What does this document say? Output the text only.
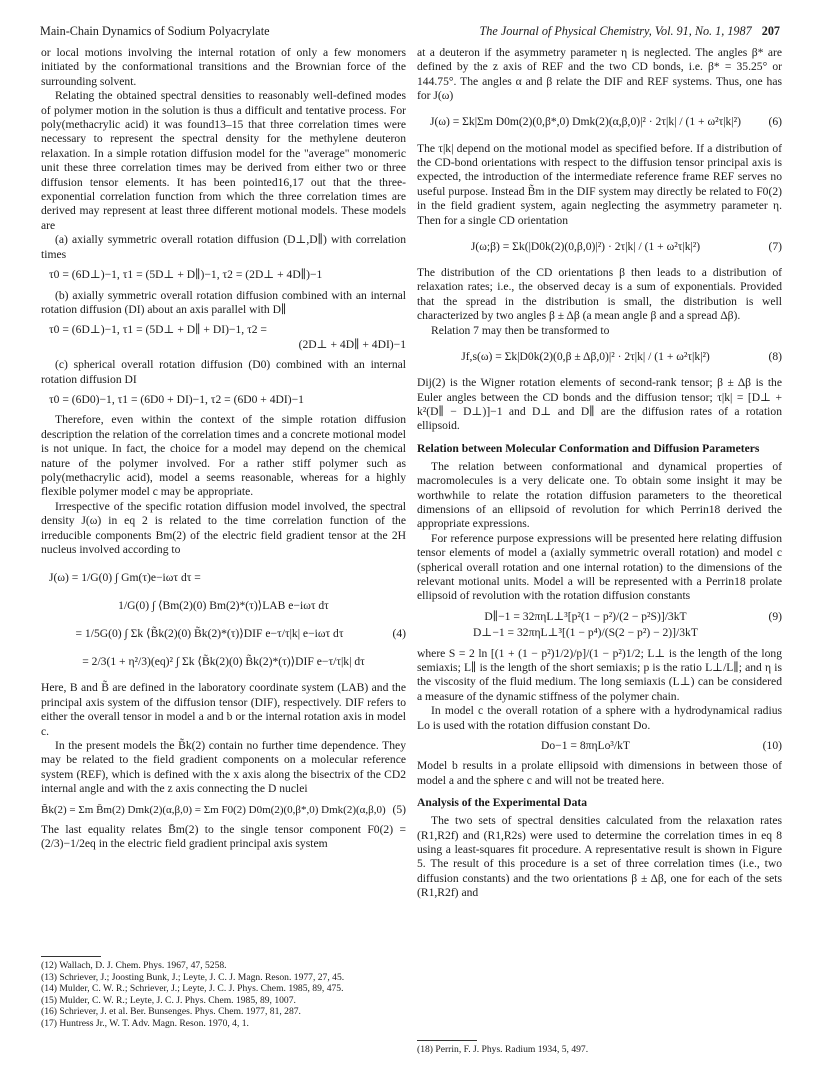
Main-Chain Dynamics of Sodium Polyacrylate	The Journal of Physical Chemistry, Vol. 91, No. 1, 1987 207

or local motions involving the internal rotation of only a few monomers initiated by the conformational transitions and the Brownian force of the surrounding solvent.

Relating the obtained spectral densities to reasonably well-defined modes of polymer motion in the solution is thus a difficult and tentative process. For poly(methacrylic acid) it was found13–15 that three correlation times were necessary to represent the spectral density for the methylene deuteron relaxation. In a simple rotation diffusion model for the "average" monomeric unit these three correlation times may be derived from either two or three diffusion tensor elements. It has been pointed16,17 out that the three-exponential correlation function from which the three correlation times are derived may represent at least three different motional models. These models are

(a) axially symmetric overall rotation diffusion (D⊥,D∥) with correlation times

τ0 = (6D⊥)−1, τ1 = (5D⊥ + D∥)−1, τ2 = (2D⊥ + 4D∥)−1

(b) axially symmetric overall rotation diffusion combined with an internal rotation diffusion (DI) about an axis parallel with D∥

τ0 = (6D⊥)−1, τ1 = (5D⊥ + D∥ + DI)−1, τ2 =
(2D⊥ + 4D∥ + 4DI)−1

(c) spherical overall rotation diffusion (D0) combined with an internal rotation diffusion DI

τ0 = (6D0)−1, τ1 = (6D0 + DI)−1, τ2 = (6D0 + 4DI)−1

Therefore, even within the context of the simple rotation diffusion description the relation of the correlation times and a concrete motional model is not unique. In fact, the choice for a model may depend on the chemical nature of the polymer involved. For a rather stiff polymer such as poly(methacrylic acid), model a seems reasonable, whereas for a highly flexible polymer model c may be appropriate.

Irrespective of the specific rotation diffusion model involved, the spectral density J(ω) in eq 2 is related to the time correlation function of the irreducible components Bm(2) of the electric field gradient tensor at the 2H nucleus involved according to

J(ω) = 1/G(0) ∫ Gm(τ)e−iωτ dτ =
1/G(0) ∫ ⟨Bm(2)(0) Bm(2)*(τ)⟩LAB e−iωτ dτ
= 1/5G(0) ∫ Σk ⟨B̃k(2)(0) B̃k(2)*(τ)⟩DIF e−τ/τ|k| e−iωτ dτ	(4)
= 2/3(1 + η²/3)(eq)² ∫ Σk ⟨B̃k(2)(0) B̃k(2)*(τ)⟩DIF e−τ/τ|k| dτ

Here, B and B̃ are defined in the laboratory coordinate system (LAB) and the principal axis system of the diffusion tensor (DIF), respectively. DIF refers to either the overall tensor in model a and b or the internal rotation axis in model c.

In the present models the B̃k(2) contain no further time dependence. They may be related to the field gradient components on a molecular reference system (REF), which is defined with the x axis along the bisectrix of the CD2 internal angle and with the z axis connecting the D nuclei

B̃k(2) = Σm B̄m(2) Dmk(2)(α,β,0) = Σm F0(2) D0m(2)(0,β*,0) Dmk(2)(α,β,0) (5)

The last equality relates B̄m(2) to the single tensor component F0(2) = (2/3)−1/2eq in the electric field gradient principal axis system

(12) Wallach, D. J. Chem. Phys. 1967, 47, 5258.
(13) Schriever, J.; Joosting Bunk, J.; Leyte, J. C. J. Magn. Reson. 1977, 27, 45.
(14) Mulder, C. W. R.; Schriever, J.; Leyte, J. C. J. Phys. Chem. 1985, 89, 475.
(15) Mulder, C. W. R.; Leyte, J. C. J. Phys. Chem. 1985, 89, 1007.
(16) Schriever, J. et al. Ber. Bunsenges. Phys. Chem. 1977, 81, 287.
(17) Huntress Jr., W. T. Adv. Magn. Reson. 1970, 4, 1.

at a deuteron if the asymmetry parameter η is neglected. The angles β* are defined by the z axis of REF and the two CD bonds, i.e. β* = 35.25° or 144.75°. The angles α and β relate the DIF and REF systems. Thus, one has for J(ω)

J(ω) = Σk|Σm D0m(2)(0,β*,0) Dmk(2)(α,β,0)|² · 2τ|k| / (1 + ω²τ|k|²)	(6)

The τ|k| depend on the motional model as specified before. If a distribution of the CD-bond orientations with respect to the diffusion tensor principal axis is expected, the introduction of the intermediate reference frame REF serves no useful purpose. Instead B̃m in the DIF system may directly be related to F0(2) in the field gradient system, again neglecting the asymmetry parameter η. Then for a single CD orientation

J(ω;β) = Σk(|D0k(2)(0,β,0)|²) · 2τ|k| / (1 + ω²τ|k|²)	(7)

The distribution of the CD orientations β then leads to a distribution of relaxation rates; i.e., the observed decay is a sum of exponentials. Provided that the spread in the distribution is small, the distribution is well characterized by two angles β ± Δβ (a mean angle β and a spread Δβ).

Relation 7 may then be transformed to

Jf,s(ω) = Σk|D0k(2)(0,β ± Δβ,0)|² · 2τ|k| / (1 + ω²τ|k|²)	(8)

Dij(2) is the Wigner rotation elements of second-rank tensor; β ± Δβ is the Euler angles between the CD bonds and the diffusion tensor; τ|k| = [D⊥ + k²(D∥ − D⊥)]−1 and D⊥ and D∥ are the diffusion rates of a rotation ellipsoid.

Relation between Molecular Conformation and Diffusion Parameters

The relation between conformational and dynamical properties of macromolecules is a very delicate one. To obtain some insight it may be worthwhile to relate the rotation diffusion parameters to the theoretical dimensions of an ellipsoid of revolution for which Perrin18 derived the appropriate expressions.

For reference purpose expressions will be presented here relating diffusion tensor elements of model a (axially symmetric overall rotation) and model c (spherical overall rotation and one internal rotation) to the dimensions of the relevant motional units. Model a will be represented with a Perrin18 prolate ellipsoid of revolution with the rotation diffusion constants

D∥−1 = 32πηL⊥³[p²(1 − p²)/(2 − p²S)]/3kT	(9)
D⊥−1 = 32πηL⊥³[(1 − p⁴)/(S(2 − p²) − 2)]/3kT

where S = 2 ln [(1 + (1 − p²)1/2)/p]/(1 − p²)1/2; L⊥ is the length of the long semiaxis; L∥ is the length of the short semiaxis; p is the ratio L⊥/L∥; and η is the viscosity of the fluid medium. The long semiaxis (L⊥) can be considered a measure of the dynamic stiffness of the polymer chain.

In model c the overall rotation of a sphere with a hydrodynamical radius Lo is used with the rotation diffusion constant Do.

Do−1 = 8πηLo³/kT	(10)

Model b results in a prolate ellipsoid with dimensions in between those of model a and the sphere c and will not be treated here.

Analysis of the Experimental Data

The two sets of spectral densities calculated from the relaxation rates (R1,R2f) and (R1,R2s) were used to determine the correlation times in eq 8 using a least-squares fit procedure. A representative result is shown in Figure 5. The result of this procedure is a set of three correlation times (i.e., two diffusion constants) and the two orientations β ± Δβ, one for each of the sets (R1,R2f) and

(18) Perrin, F. J. Phys. Radium 1934, 5, 497.
